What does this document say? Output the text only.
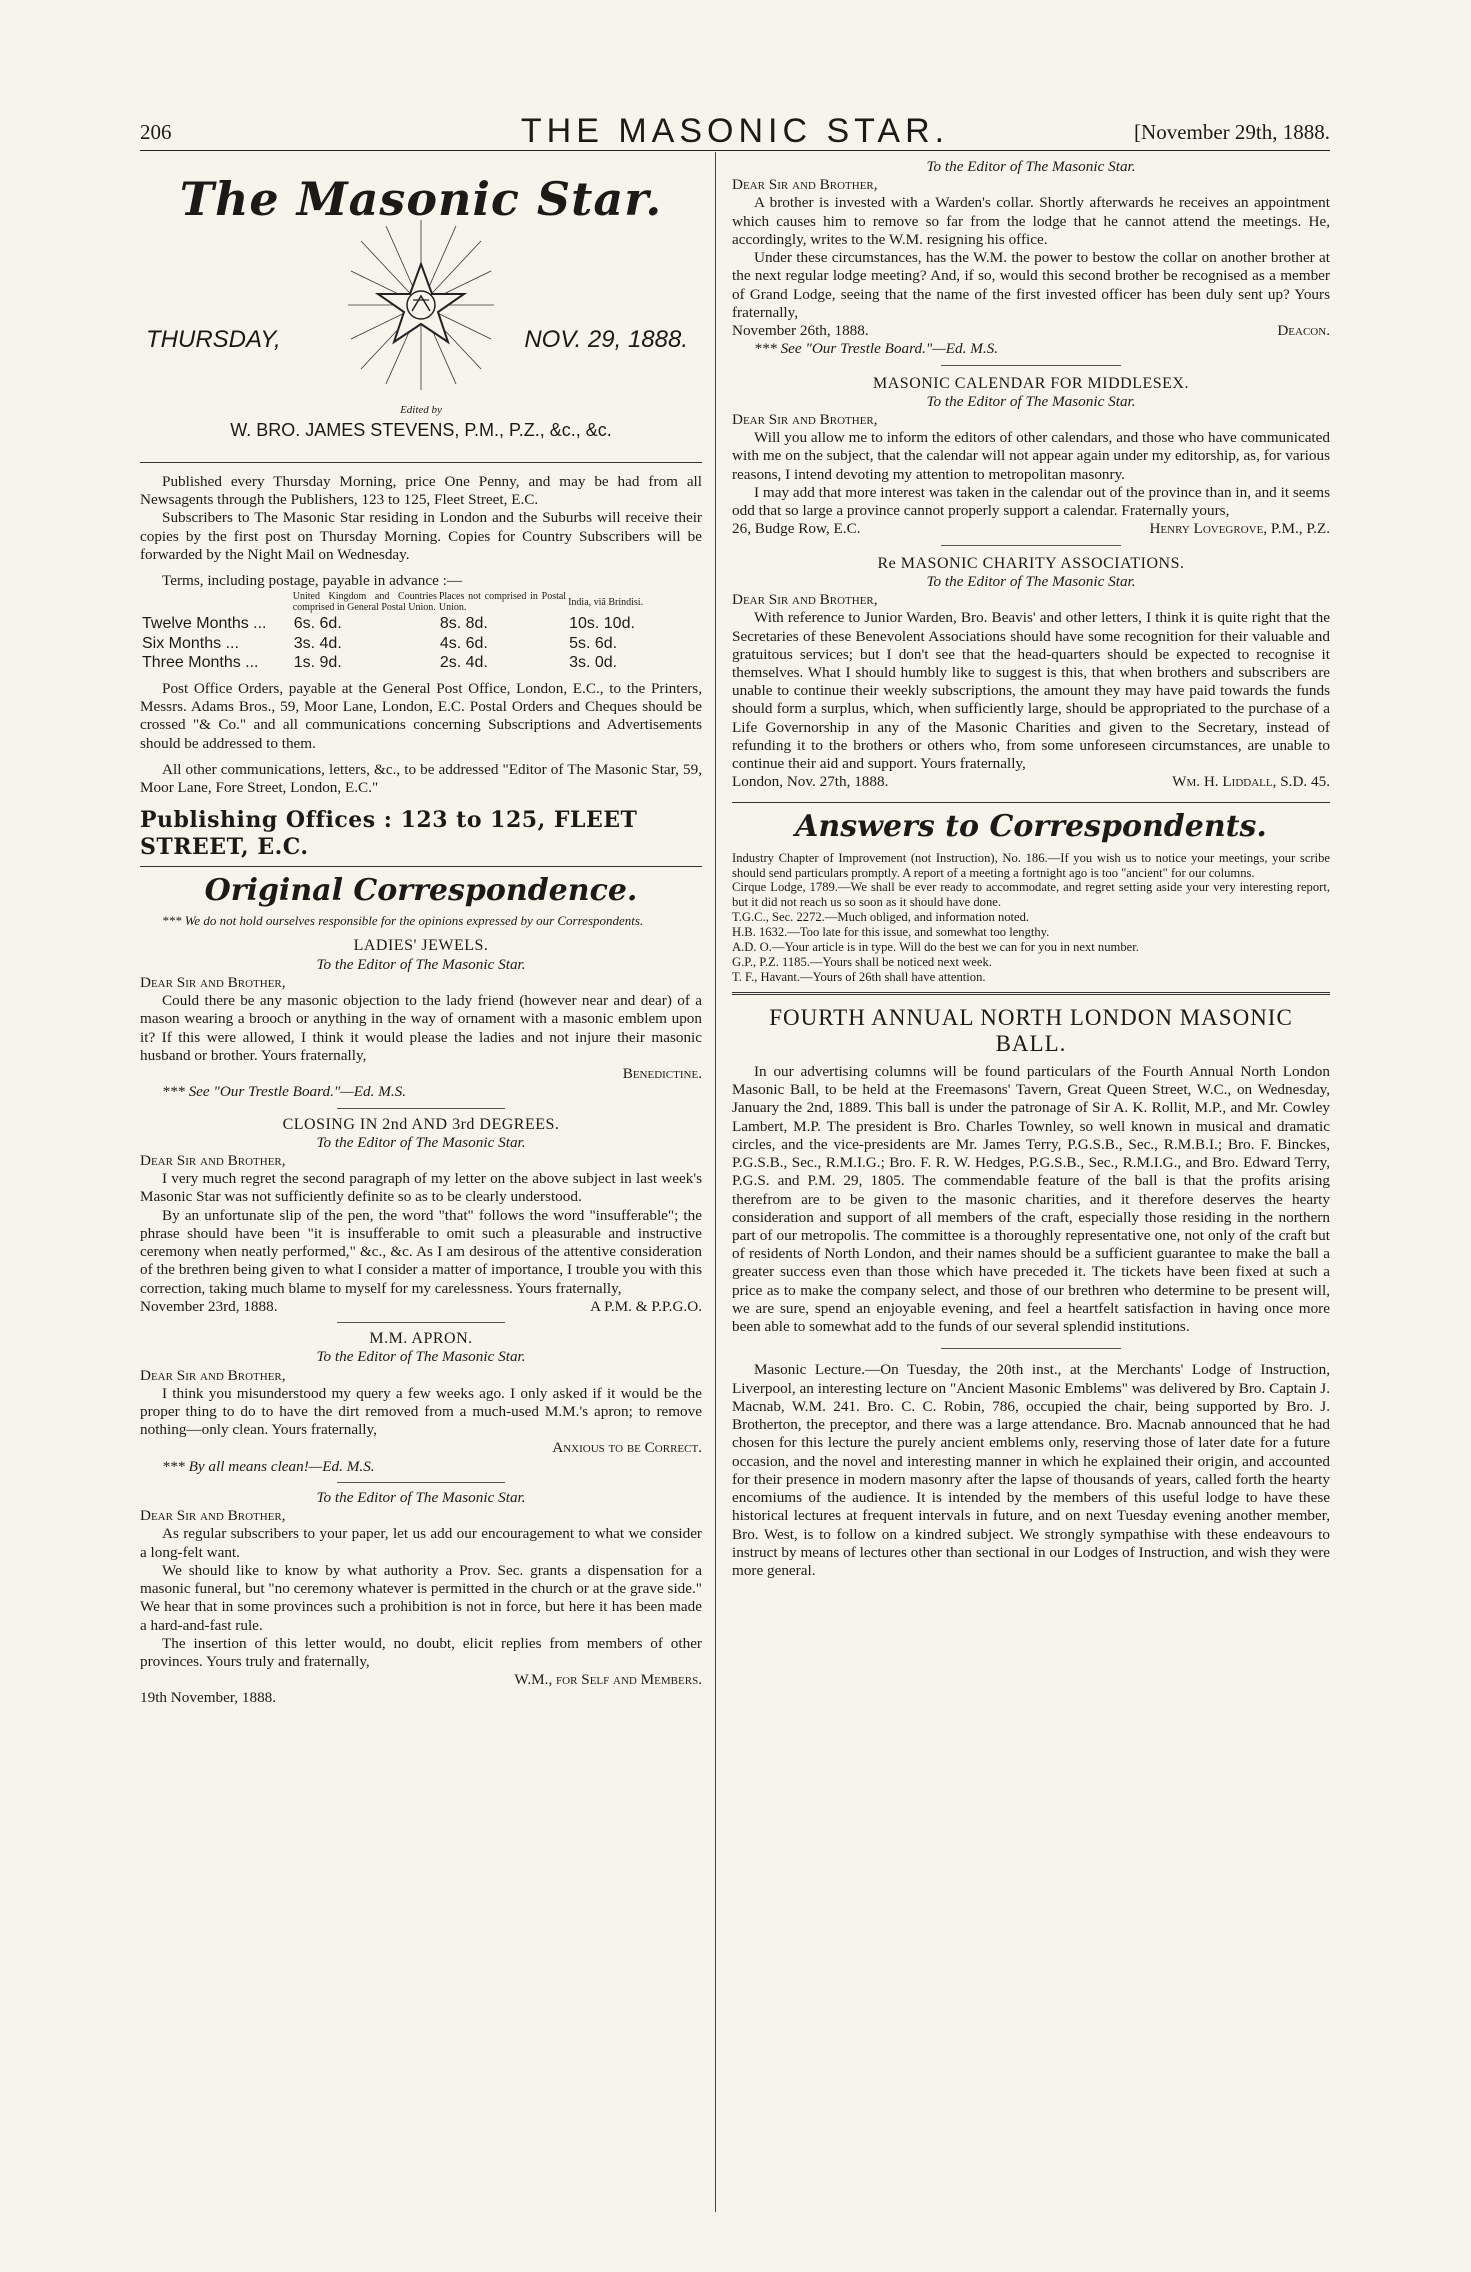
206	THE MASONIC STAR.	[November 29th, 1888.
The Masonic Star.
THURSDAY,	NOV. 29, 1888.
Edited by
W. BRO. JAMES STEVENS, P.M., P.Z., &c., &c.

Published every Thursday Morning, price One Penny, and may be had from all Newsagents through the Publishers, 123 to 125, Fleet Street, E.C.

Subscribers to The Masonic Star residing in London and the Suburbs will receive their copies by the first post on Thursday Morning. Copies for Country Subscribers will be forwarded by the Night Mail on Wednesday.

Terms, including postage, payable in advance :—

	United Kingdom and Countries comprised in General Postal Union.	Places not comprised in Postal Union.	India, viâ Brindisi.
Twelve Months ...	6s. 6d.	8s. 8d.	10s. 10d.
Six Months ...	3s. 4d.	4s. 6d.	5s. 6d.
Three Months ...	1s. 9d.	2s. 4d.	3s. 0d.

Post Office Orders, payable at the General Post Office, London, E.C., to the Printers, Messrs. Adams Bros., 59, Moor Lane, London, E.C. Postal Orders and Cheques should be crossed "& Co." and all communications concerning Subscriptions and Advertisements should be addressed to them.

All other communications, letters, &c., to be addressed "Editor of The Masonic Star, 59, Moor Lane, Fore Street, London, E.C."

Publishing Offices : 123 to 125, FLEET STREET, E.C.
Original Correspondence.

*** We do not hold ourselves responsible for the opinions expressed by our Correspondents.

LADIES' JEWELS.

To the Editor of The Masonic Star.

Dear Sir and Brother,

Could there be any masonic objection to the lady friend (however near and dear) of a mason wearing a brooch or anything in the way of ornament with a masonic emblem upon it? If this were allowed, I think it would please the ladies and not injure their masonic husband or brother. Yours fraternally,

Benedictine.

*** See "Our Trestle Board."—Ed. M.S.

CLOSING IN 2nd AND 3rd DEGREES.

To the Editor of The Masonic Star.

Dear Sir and Brother,

I very much regret the second paragraph of my letter on the above subject in last week's Masonic Star was not sufficiently definite so as to be clearly understood.

By an unfortunate slip of the pen, the word "that" follows the word "insufferable"; the phrase should have been "it is insufferable to omit such a pleasurable and instructive ceremony when neatly performed," &c., &c. As I am desirous of the attentive consideration of the brethren being given to what I consider a matter of importance, I trouble you with this correction, taking much blame to myself for my carelessness. Yours fraternally,

November 23rd, 1888.	A P.M. & P.P.G.O.

M.M. APRON.

To the Editor of The Masonic Star.

Dear Sir and Brother,

I think you misunderstood my query a few weeks ago. I only asked if it would be the proper thing to do to have the dirt removed from a much-used M.M.'s apron; to remove nothing—only clean. Yours fraternally,

Anxious to be Correct.

*** By all means clean!—Ed. M.S.

To the Editor of The Masonic Star.

Dear Sir and Brother,

As regular subscribers to your paper, let us add our encouragement to what we consider a long-felt want.

We should like to know by what authority a Prov. Sec. grants a dispensation for a masonic funeral, but "no ceremony whatever is permitted in the church or at the grave side." We hear that in some provinces such a prohibition is not in force, but here it has been made a hard-and-fast rule.

The insertion of this letter would, no doubt, elicit replies from members of other provinces. Yours truly and fraternally,

W.M., for Self and Members.

19th November, 1888.

To the Editor of The Masonic Star.

Dear Sir and Brother,

A brother is invested with a Warden's collar. Shortly afterwards he receives an appointment which causes him to remove so far from the lodge that he cannot attend the meetings. He, accordingly, writes to the W.M. resigning his office.

Under these circumstances, has the W.M. the power to bestow the collar on another brother at the next regular lodge meeting? And, if so, would this second brother be recognised as a member of Grand Lodge, seeing that the name of the first invested officer has been duly sent up? Yours fraternally,

November 26th, 1888.	Deacon.

*** See "Our Trestle Board."—Ed. M.S.

MASONIC CALENDAR FOR MIDDLESEX.

To the Editor of The Masonic Star.

Dear Sir and Brother,

Will you allow me to inform the editors of other calendars, and those who have communicated with me on the subject, that the calendar will not appear again under my editorship, as, for various reasons, I intend devoting my attention to metropolitan masonry.

I may add that more interest was taken in the calendar out of the province than in, and it seems odd that so large a province cannot properly support a calendar. Fraternally yours,

26, Budge Row, E.C.	Henry Lovegrove, P.M., P.Z.

Re MASONIC CHARITY ASSOCIATIONS.

To the Editor of The Masonic Star.

Dear Sir and Brother,

With reference to Junior Warden, Bro. Beavis' and other letters, I think it is quite right that the Secretaries of these Benevolent Associations should have some recognition for their valuable and gratuitous services; but I don't see that the head-quarters should be expected to recognise it themselves. What I should humbly like to suggest is this, that when brothers and subscribers are unable to continue their weekly subscriptions, the amount they may have paid towards the funds should form a surplus, which, when sufficiently large, should be appropriated to the purchase of a Life Governorship in any of the Masonic Charities and given to the Secretary, instead of refunding it to the brothers or others who, from some unforeseen circumstances, are unable to continue their aid and support. Yours fraternally,

London, Nov. 27th, 1888.	Wm. H. Liddall, S.D. 45.

Answers to Correspondents.

Industry Chapter of Improvement (not Instruction), No. 186.—If you wish us to notice your meetings, your scribe should send particulars promptly. A report of a meeting a fortnight ago is too "ancient" for our columns.

Cirque Lodge, 1789.—We shall be ever ready to accommodate, and regret setting aside your very interesting report, but it did not reach us so soon as it should have done.

T.G.C., Sec. 2272.—Much obliged, and information noted.

H.B. 1632.—Too late for this issue, and somewhat too lengthy.

A.D. O.—Your article is in type. Will do the best we can for you in next number.

G.P., P.Z. 1185.—Yours shall be noticed next week.

T. F., Havant.—Yours of 26th shall have attention.

FOURTH ANNUAL NORTH LONDON MASONIC BALL.

In our advertising columns will be found particulars of the Fourth Annual North London Masonic Ball, to be held at the Freemasons' Tavern, Great Queen Street, W.C., on Wednesday, January the 2nd, 1889. This ball is under the patronage of Sir A. K. Rollit, M.P., and Mr. Cowley Lambert, M.P. The president is Bro. Charles Townley, so well known in musical and dramatic circles, and the vice-presidents are Mr. James Terry, P.G.S.B., Sec., R.M.B.I.; Bro. F. Binckes, P.G.S.B., Sec., R.M.I.G.; Bro. F. R. W. Hedges, P.G.S.B., Sec., R.M.I.G., and Bro. Edward Terry, P.G.S. and P.M. 29, 1805. The commendable feature of the ball is that the profits arising therefrom are to be given to the masonic charities, and it therefore deserves the hearty consideration and support of all members of the craft, especially those residing in the northern part of our metropolis. The committee is a thoroughly representative one, not only of the craft but of residents of North London, and their names should be a sufficient guarantee to make the ball a greater success even than those which have preceded it. The tickets have been fixed at such a price as to make the company select, and those of our brethren who determine to be present will, we are sure, spend an enjoyable evening, and feel a heartfelt satisfaction in having once more been able to somewhat add to the funds of our several splendid institutions.

Masonic Lecture.—On Tuesday, the 20th inst., at the Merchants' Lodge of Instruction, Liverpool, an interesting lecture on "Ancient Masonic Emblems" was delivered by Bro. Captain J. Macnab, W.M. 241. Bro. C. C. Robin, 786, occupied the chair, being supported by Bro. J. Brotherton, the preceptor, and there was a large attendance. Bro. Macnab announced that he had chosen for this lecture the purely ancient emblems only, reserving those of later date for a future occasion, and the novel and interesting manner in which he explained their origin, and accounted for their presence in modern masonry after the lapse of thousands of years, called forth the hearty encomiums of the audience. It is intended by the members of this useful lodge to have these historical lectures at frequent intervals in future, and on next Tuesday evening another member, Bro. West, is to follow on a kindred subject. We strongly sympathise with these endeavours to instruct by means of lectures other than sectional in our Lodges of Instruction, and wish they were more general.
